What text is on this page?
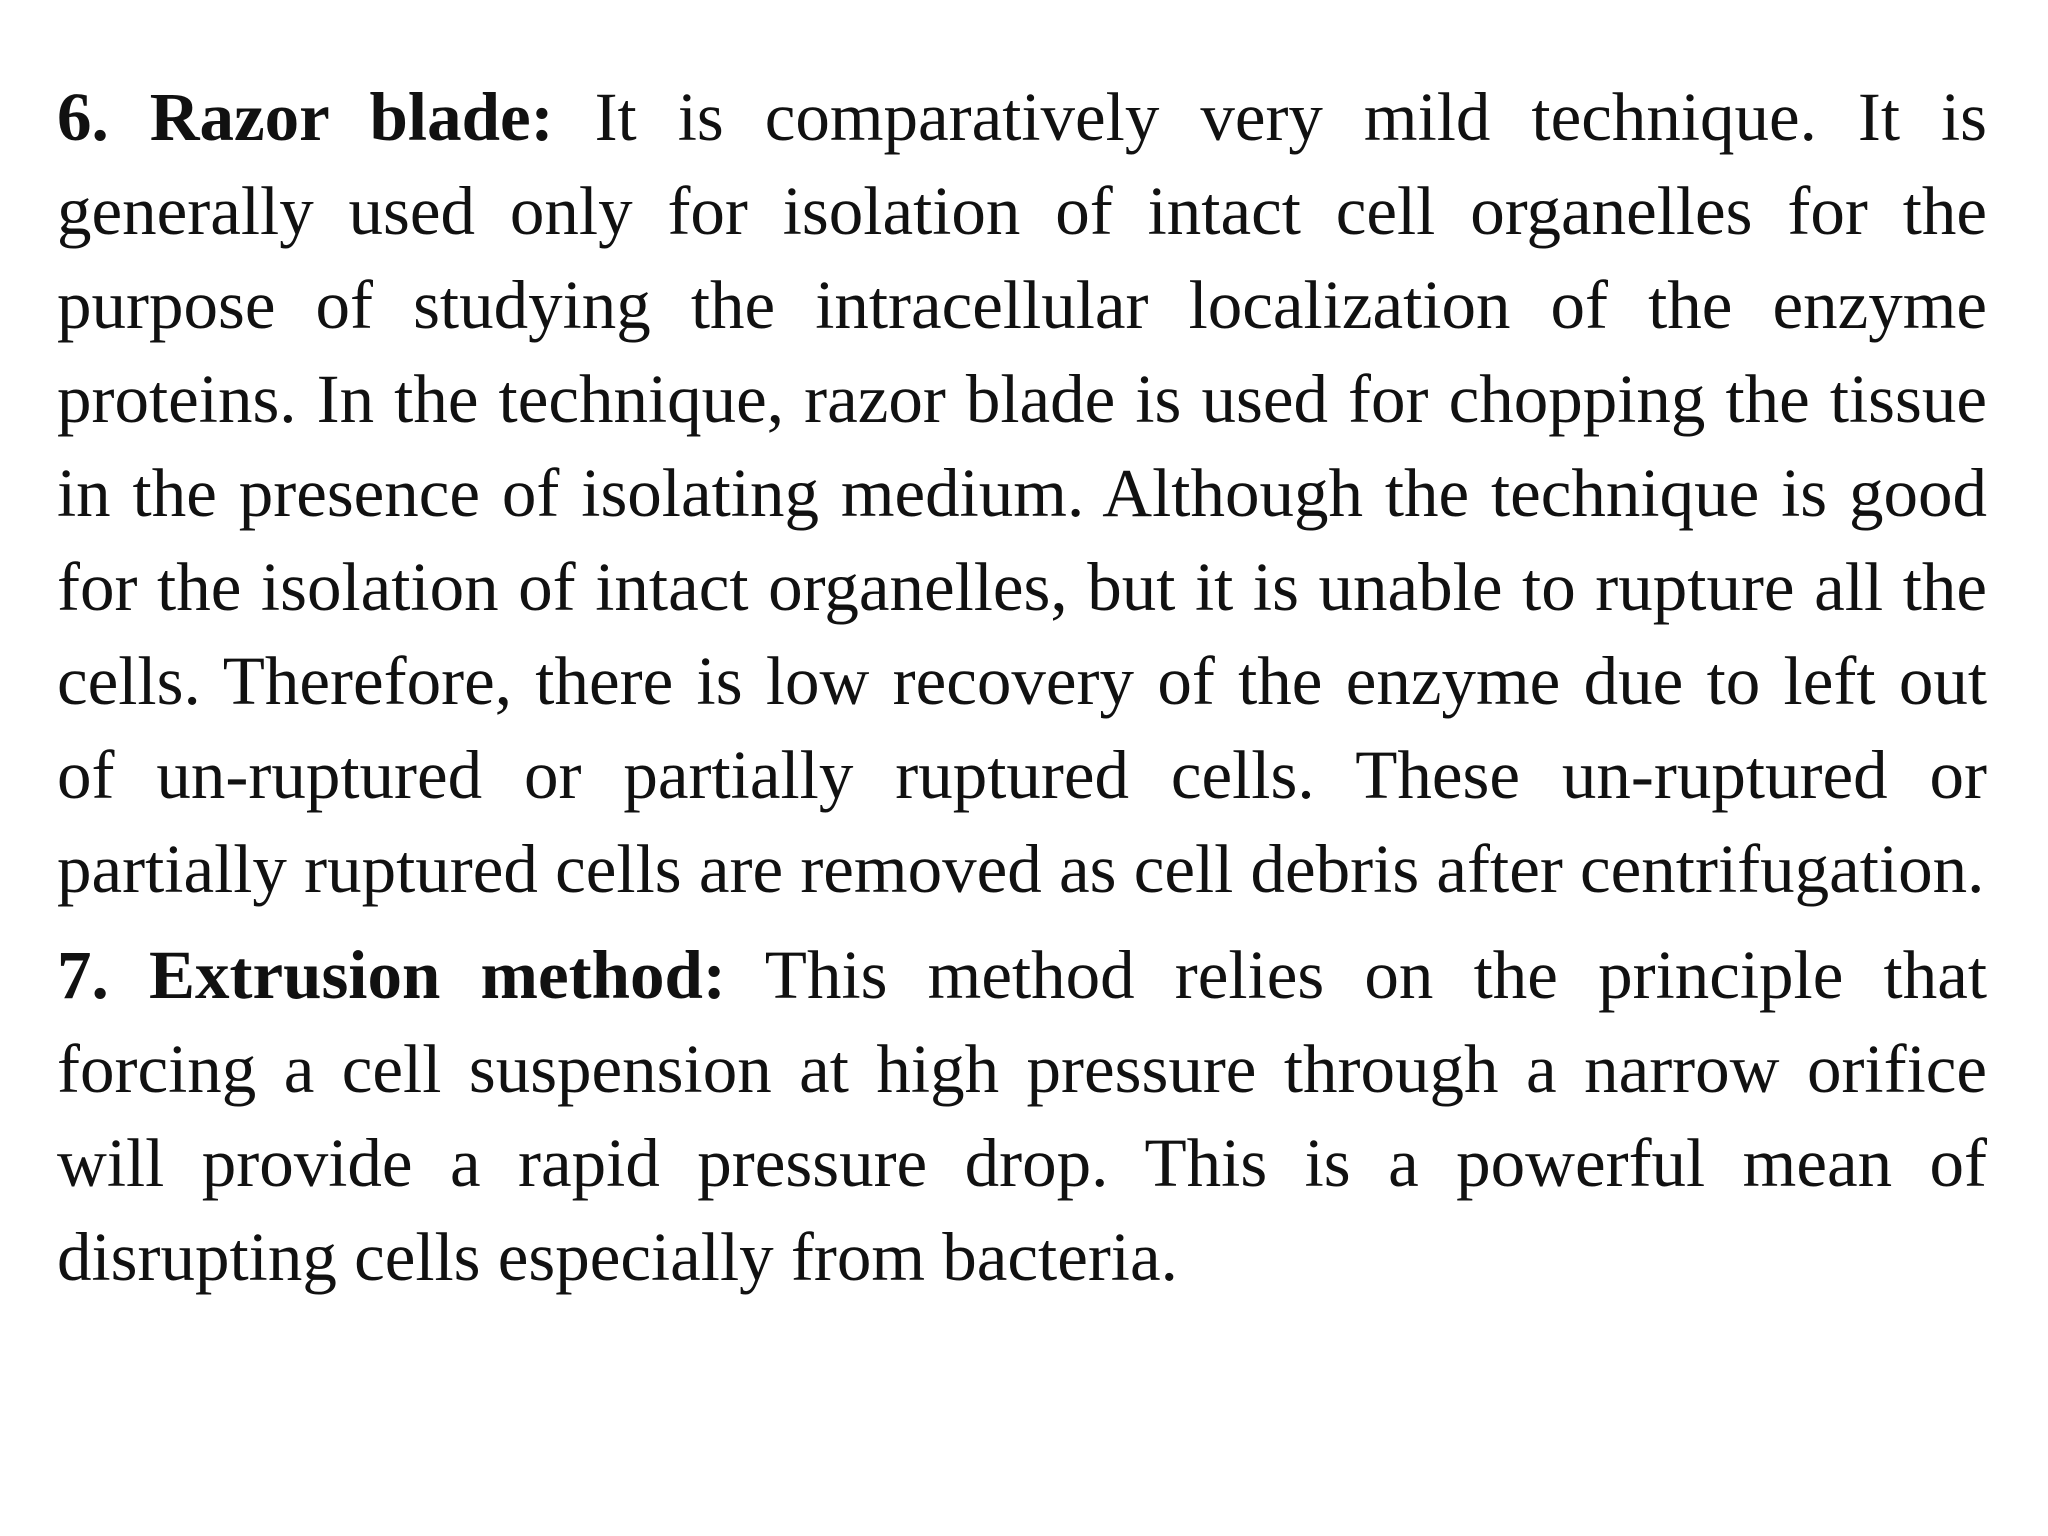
6. Razor blade: It is comparatively very mild technique. It is generally used only for isolation of intact cell organelles for the purpose of studying the intracellular localization of the enzyme proteins. In the technique, razor blade is used for chopping the tissue in the presence of isolating medium. Although the technique is good for the isolation of intact organelles, but it is unable to rupture all the cells. Therefore, there is low recovery of the enzyme due to left out of un-ruptured or partially ruptured cells. These un-ruptured or partially ruptured cells are removed as cell debris after centrifugation.

7. Extrusion method: This method relies on the principle that forcing a cell suspension at high pressure through a narrow orifice will provide a rapid pressure drop. This is a powerful mean of disrupting cells especially from bacteria.
